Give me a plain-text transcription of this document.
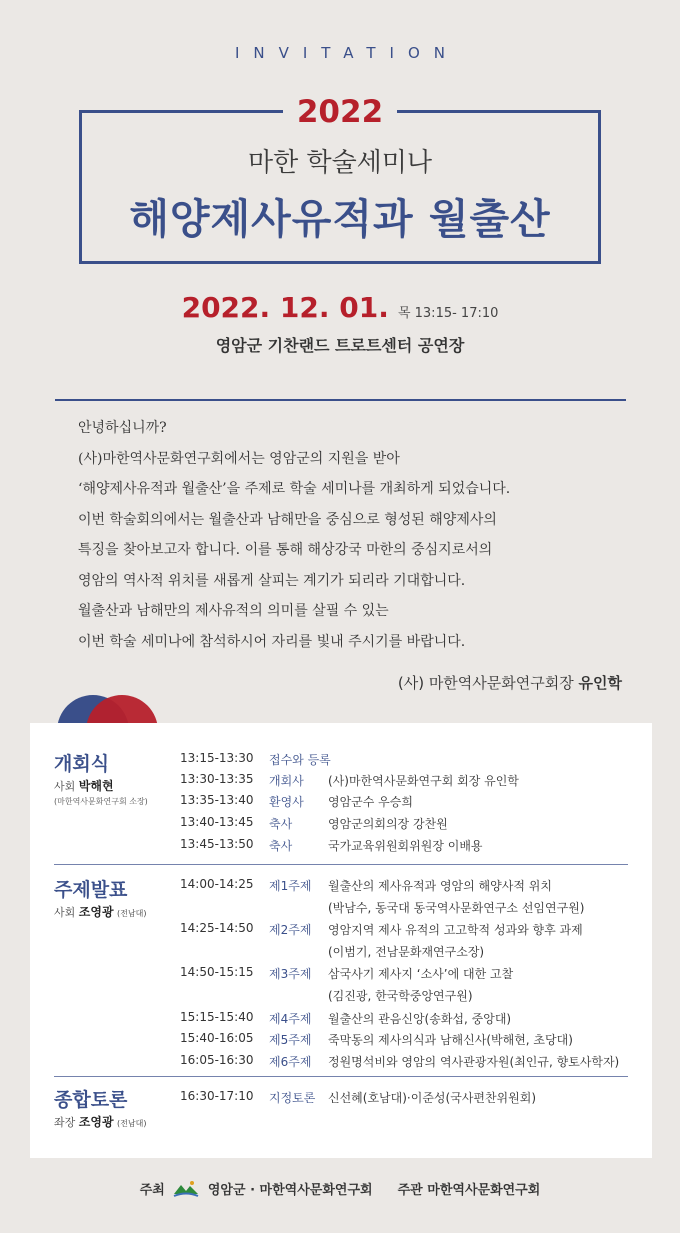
INVITATION
2022
마한 학술세미나
해양제사유적과 월출산
2022. 12. 01. 목 13:15- 17:10
영암군 기찬랜드 트로트센터 공연장

안녕하십니까?

(사)마한역사문화연구회에서는 영암군의 지원을 받아

‘해양제사유적과 월출산’을 주제로 학술 세미나를 개최하게 되었습니다.

이번 학술회의에서는 월출산과 남해만을 중심으로 형성된 해양제사의

특징을 찾아보고자 합니다. 이를 통해 해상강국 마한의 중심지로서의

영암의 역사적 위치를 새롭게 살피는 계기가 되리라 기대합니다.

월출산과 남해만의 제사유적의 의미를 살필 수 있는

이번 학술 세미나에 참석하시어 자리를 빛내 주시기를 바랍니다.

(사) 마한역사문화연구회장 유인학
개회식
사회 박해현
(마한역사문화연구회 소장)
13:15-13:30 접수와 등록
13:30-13:35 개회사 (사)마한역사문화연구회 회장 유인학
13:35-13:40 환영사 영암군수 우승희
13:40-13:45 축사	영암군의회의장 강찬원
13:45-13:50 축사	국가교육위원회위원장 이배용
주제발표
사회 조영광 (전남대)
14:00-14:25 제1주제 월출산의 제사유적과 영암의 해양사적 위치
(박남수, 동국대 동국역사문화연구소 선임연구원)
14:25-14:50 제2주제 영암지역 제사 유적의 고고학적 성과와 향후 과제
(이범기, 전남문화재연구소장)
14:50-15:15 제3주제 삼국사기 제사지 ‘소사’에 대한 고찰
(김진광, 한국학중앙연구원)
15:15-15:40 제4주제 월출산의 관음신앙(송화섭, 중앙대)
15:40-16:05 제5주제 죽막동의 제사의식과 남해신사(박해현, 초당대)
16:05-16:30 제6주제 정원명석비와 영암의 역사관광자원(최인규, 향토사학자)
종합토론
좌장 조영광 (전남대)
16:30-17:10 지정토론 신선혜(호남대)·이준성(국사편찬위원회)
주최	영암군 · 마한역사문화연구회 주관 마한역사문화연구회
